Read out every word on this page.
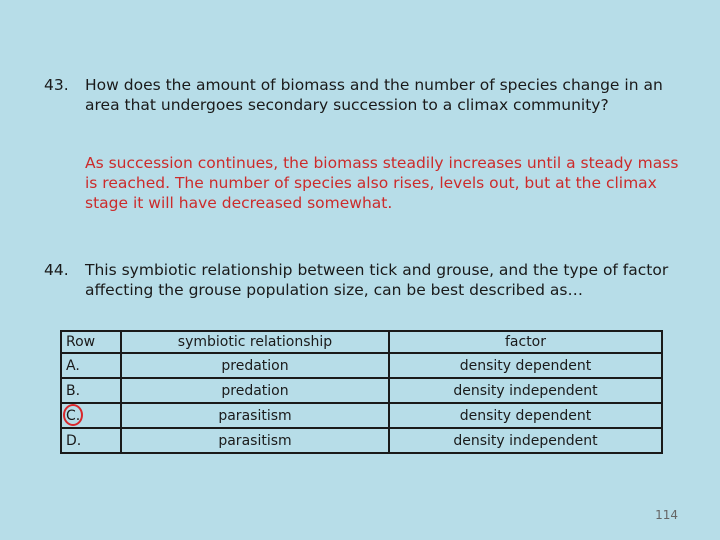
43. How does the amount of biomass and the number of species change in an area that undergoes secondary succession to a climax community?
As succession continues, the biomass steadily increases until a steady mass is reached. The number of species also rises, levels out, but at the climax stage it will have decreased somewhat.
44. This symbiotic relationship between tick and grouse, and the type of factor affecting the grouse population size, can be best described as…
Row	symbiotic relationship	factor
A.	predation	density dependent
B.	predation	density independent

C.	parasitism	density dependent
D.	parasitism	density independent
114
